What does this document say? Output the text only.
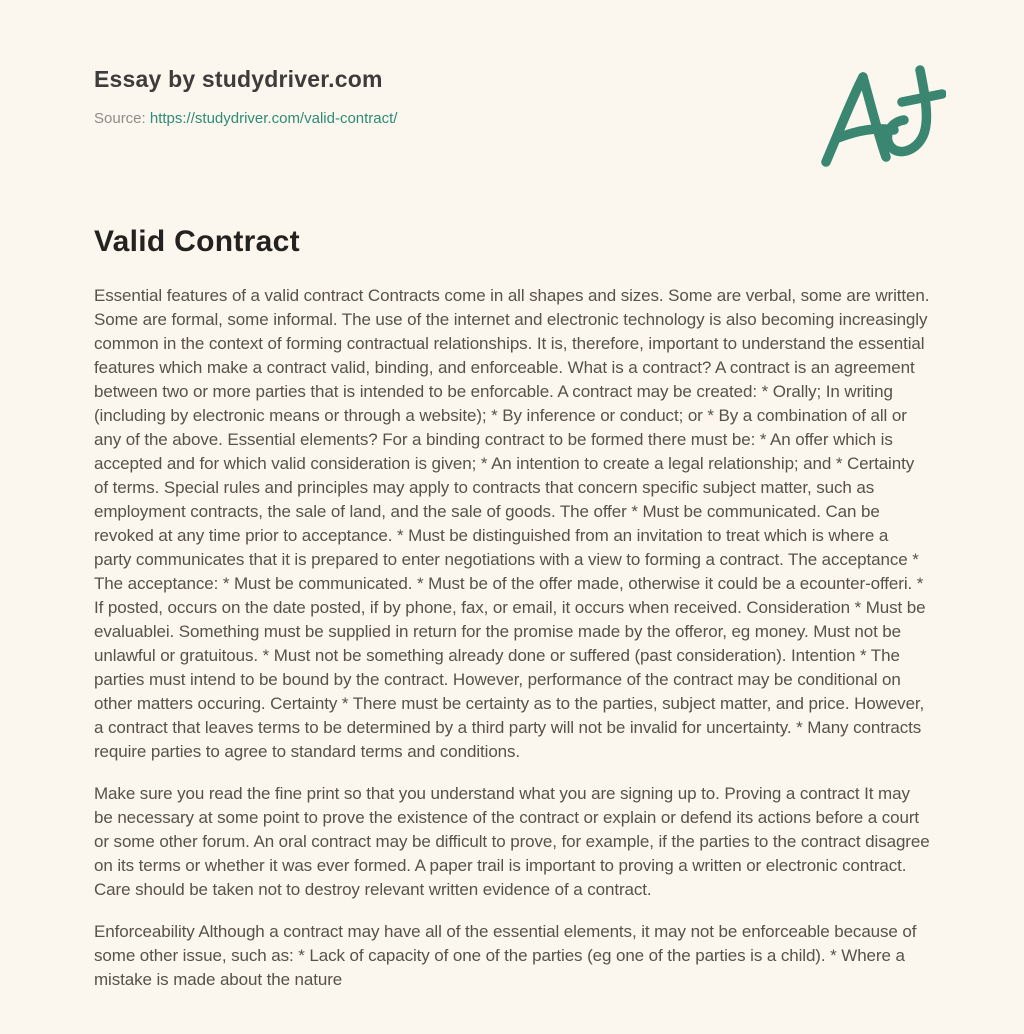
Essay by studydriver.com
Source: https://studydriver.com/valid-contract/
Valid Contract

Essential features of a valid contract Contracts come in all shapes and sizes. Some are verbal, some are written. Some are formal, some informal. The use of the internet and electronic technology is also becoming increasingly common in the context of forming contractual relationships. It is, therefore, important to understand the essential features which make a contract valid, binding, and enforceable. What is a contract? A contract is an agreement between two or more parties that is intended to be enforcable. A contract may be created: * Orally; In writing (including by electronic means or through a website); * By inference or conduct; or * By a combination of all or any of the above. Essential elements? For a binding contract to be formed there must be: * An offer which is accepted and for which valid consideration is given; * An intention to create a legal relationship; and * Certainty of terms. Special rules and principles may apply to contracts that concern specific subject matter, such as employment contracts, the sale of land, and the sale of goods. The offer * Must be communicated. Can be revoked at any time prior to acceptance. * Must be distinguished from an invitation to treat which is where a party communicates that it is prepared to enter negotiations with a view to forming a contract. The acceptance * The acceptance: * Must be communicated. * Must be of the offer made, otherwise it could be a ecounter-offeri. * If posted, occurs on the date posted, if by phone, fax, or email, it occurs when received. Consideration * Must be evaluablei. Something must be supplied in return for the promise made by the offeror, eg money. Must not be unlawful or gratuitous. * Must not be something already done or suffered (past consideration). Intention * The parties must intend to be bound by the contract. However, performance of the contract may be conditional on other matters occuring. Certainty * There must be certainty as to the parties, subject matter, and price. However, a contract that leaves terms to be determined by a third party will not be invalid for uncertainty. * Many contracts require parties to agree to standard terms and conditions.

Make sure you read the fine print so that you understand what you are signing up to. Proving a contract It may be necessary at some point to prove the existence of the contract or explain or defend its actions before a court or some other forum. An oral contract may be difficult to prove, for example, if the parties to the contract disagree on its terms or whether it was ever formed. A paper trail is important to proving a written or electronic contract. Care should be taken not to destroy relevant written evidence of a contract.

Enforceability Although a contract may have all of the essential elements, it may not be enforceable because of some other issue, such as: * Lack of capacity of one of the parties (eg one of the parties is a child). * Where a mistake is made about the nature
